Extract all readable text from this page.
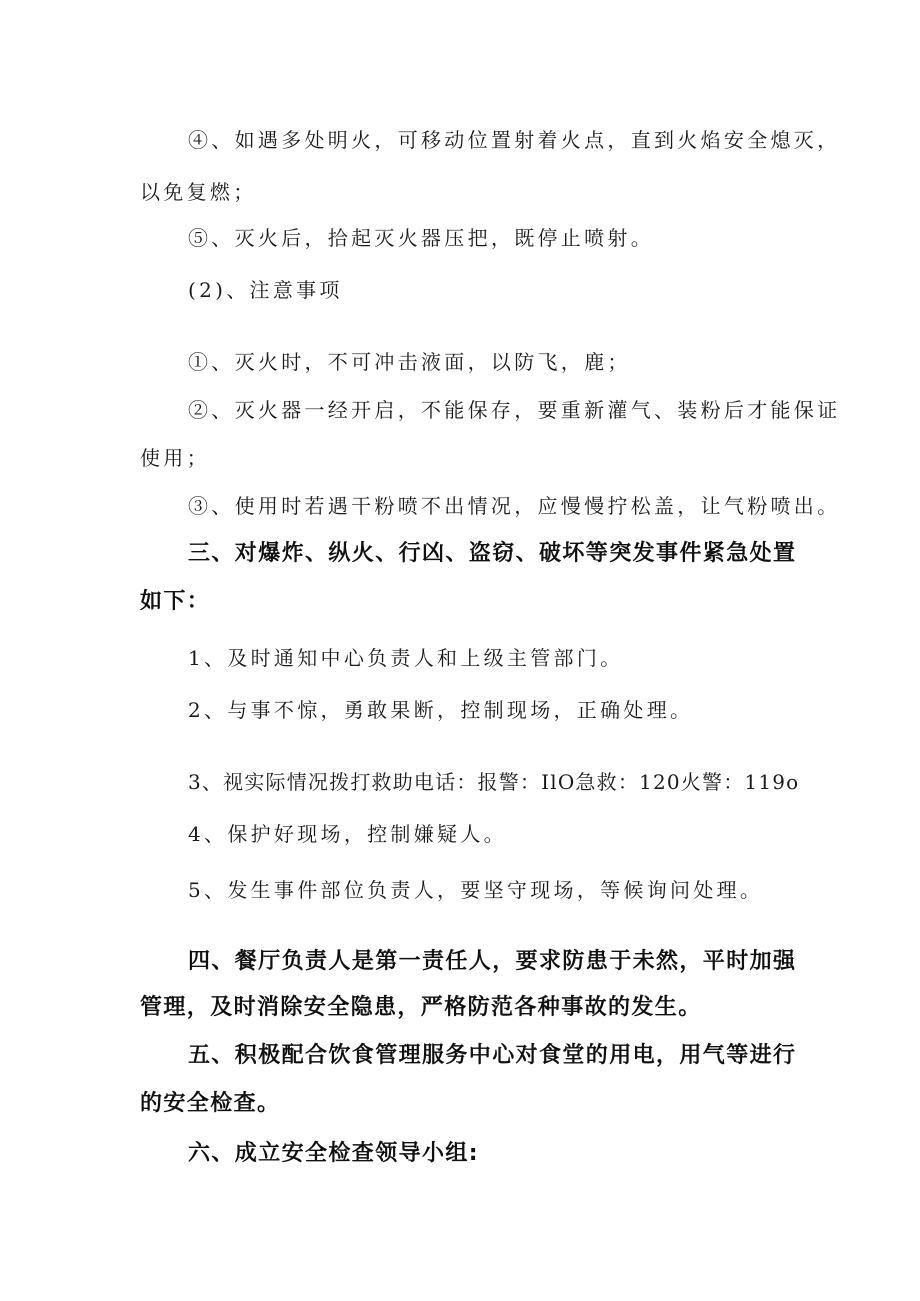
④、如遇多处明火，可移动位置射着火点，直到火焰安全熄灭，

以免复燃；

⑤、灭火后，拾起灭火器压把，既停止喷射。

(2)、注意事项

①、灭火时，不可冲击液面，以防飞，鹿；

②、灭火器一经开启，不能保存，要重新灌气、装粉后才能保证

使用；

③、使用时若遇干粉喷不出情况，应慢慢拧松盖，让气粉喷出。

三、对爆炸、纵火、行凶、盗窃、破坏等突发事件紧急处置

如下：

1、及时通知中心负责人和上级主管部门。

2、与事不惊，勇敢果断，控制现场，正确处理。

3、视实际情况拨打救助电话：报警：IlO急救：120火警：119o

4、保护好现场，控制嫌疑人。

5、发生事件部位负责人，要坚守现场，等候询问处理。

四、餐厅负责人是第一责任人，要求防患于未然，平时加强

管理，及时消除安全隐患，严格防范各种事故的发生。

五、积极配合饮食管理服务中心对食堂的用电，用气等进行

的安全检查。

六、成立安全检查领导小组:
